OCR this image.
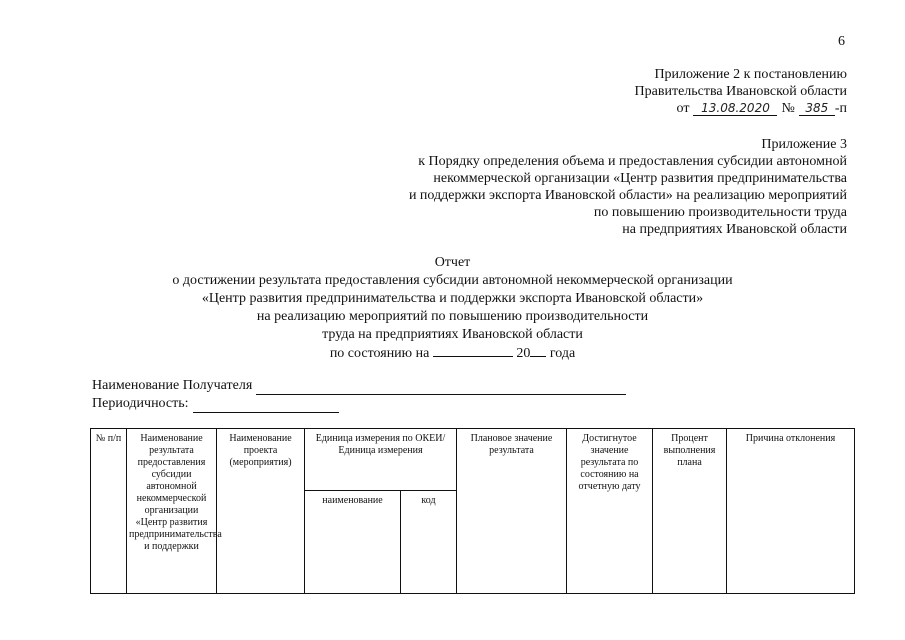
6
Приложение 2 к постановлению
Правительства Ивановской области
от 13.08.2020 № 385 -п
Приложение 3
к Порядку определения объема и предоставления субсидии автономной
некоммерческой организации «Центр развития предпринимательства
и поддержки экспорта Ивановской области» на реализацию мероприятий
по повышению производительности труда
на предприятиях Ивановской области
Отчет
о достижении результата предоставления субсидии автономной некоммерческой организации
«Центр развития предпринимательства и поддержки экспорта Ивановской области»
на реализацию мероприятий по повышению производительности
труда на предприятиях Ивановской области
по состоянию на	20 года
Наименование Получателя
Периодичность:
№ п/п	Наименование результата предоставления субсидии автономной некоммерческой организации «Центр развития предпринимательства и поддержки	Наименование проекта (мероприятия)	Единица измерения по ОКЕИ/Единица измерения		Плановое значение результата	Достигнутое значение результата по состоянию на отчетную дату	Процент выполнения плана	Причина отклонения
			наименование	код				
